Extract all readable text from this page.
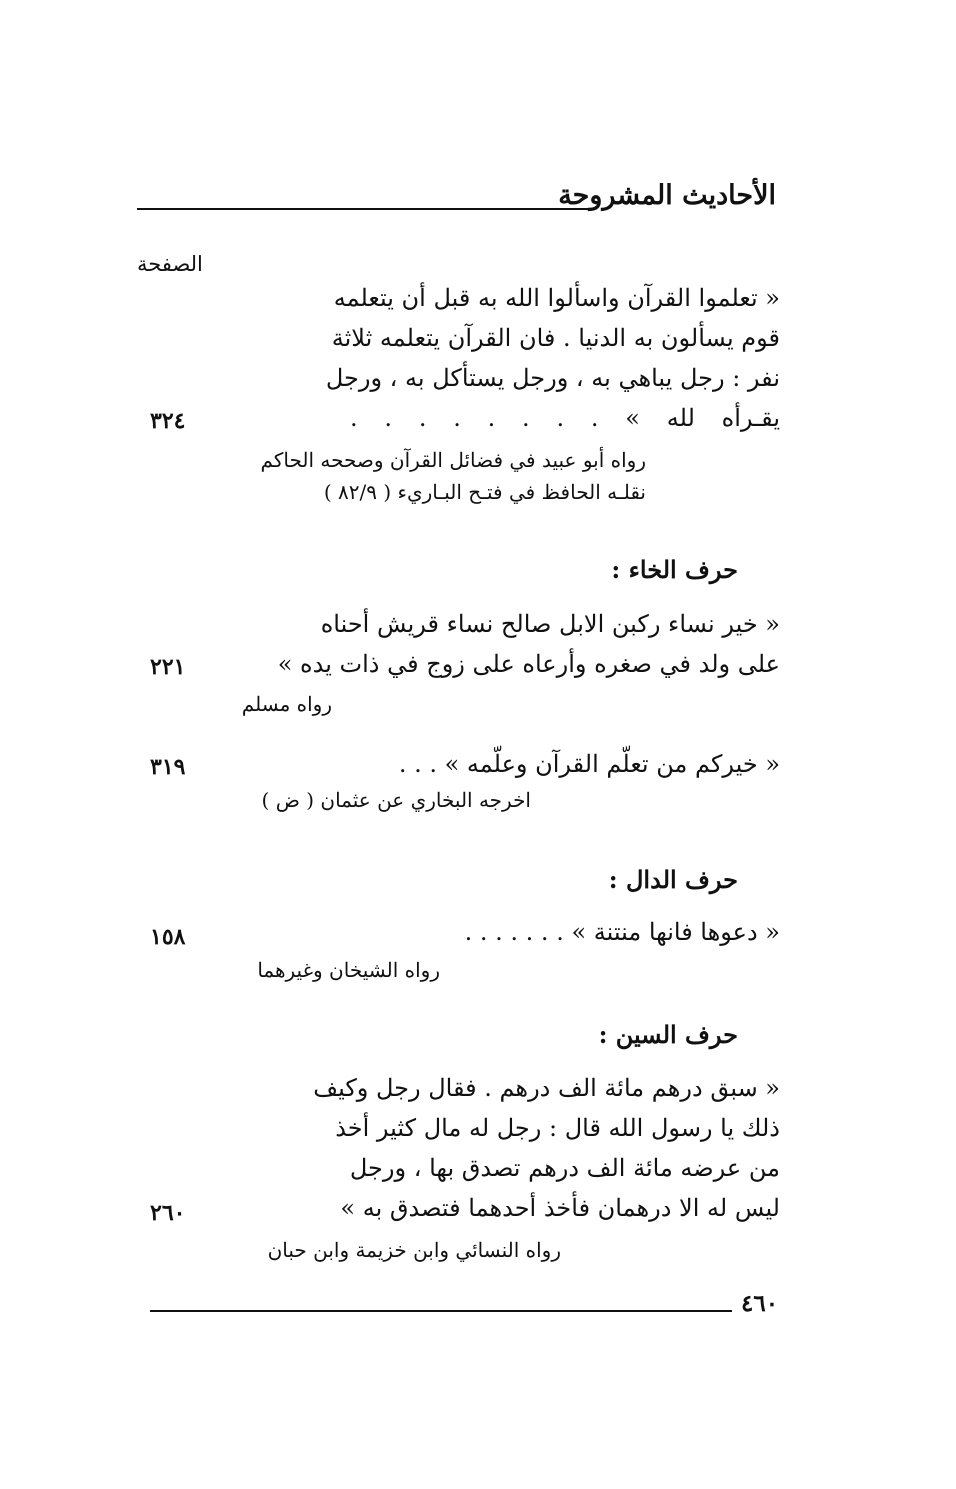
الأحاديث المشروحة
الصفحة
« تعلموا القرآن واسألوا الله به قبل أن يتعلمه
قوم يسألون به الدنيا . فان القرآن يتعلمه ثلاثة
نفر : رجل يباهي به ، ورجل يستأكل به ، ورجل
يقـرأه لله » . . . . . . . .
٣٢٤
رواه أبو عبيد في فضائل القرآن وصححه الحاكم
نقلـه الحافظ في فتـح البـاريء ( ٨٢/٩ )
حرف الخاء :
« خير نساء ركبن الابل صالح نساء قريش أحناه
على ولد في صغره وأرعاه على زوج في ذات يده »
٢٢١
رواه مسلم
« خيركم من تعلّم القرآن وعلّمه » . . .
٣١٩
اخرجه البخاري عن عثمان ( ض )
حرف الدال :
« دعوها فانها منتنة » . . . . . . .
١٥٨
رواه الشيخان وغيرهما
حرف السين :
« سبق درهم مائة الف درهم . فقال رجل وكيف
ذلك يا رسول الله قال : رجل له مال كثير أخذ
من عرضه مائة الف درهم تصدق بها ، ورجل
ليس له الا درهمان فأخذ أحدهما فتصدق به »
٢٦٠
رواه النسائي وابن خزيمة وابن حبان
٤٦٠
